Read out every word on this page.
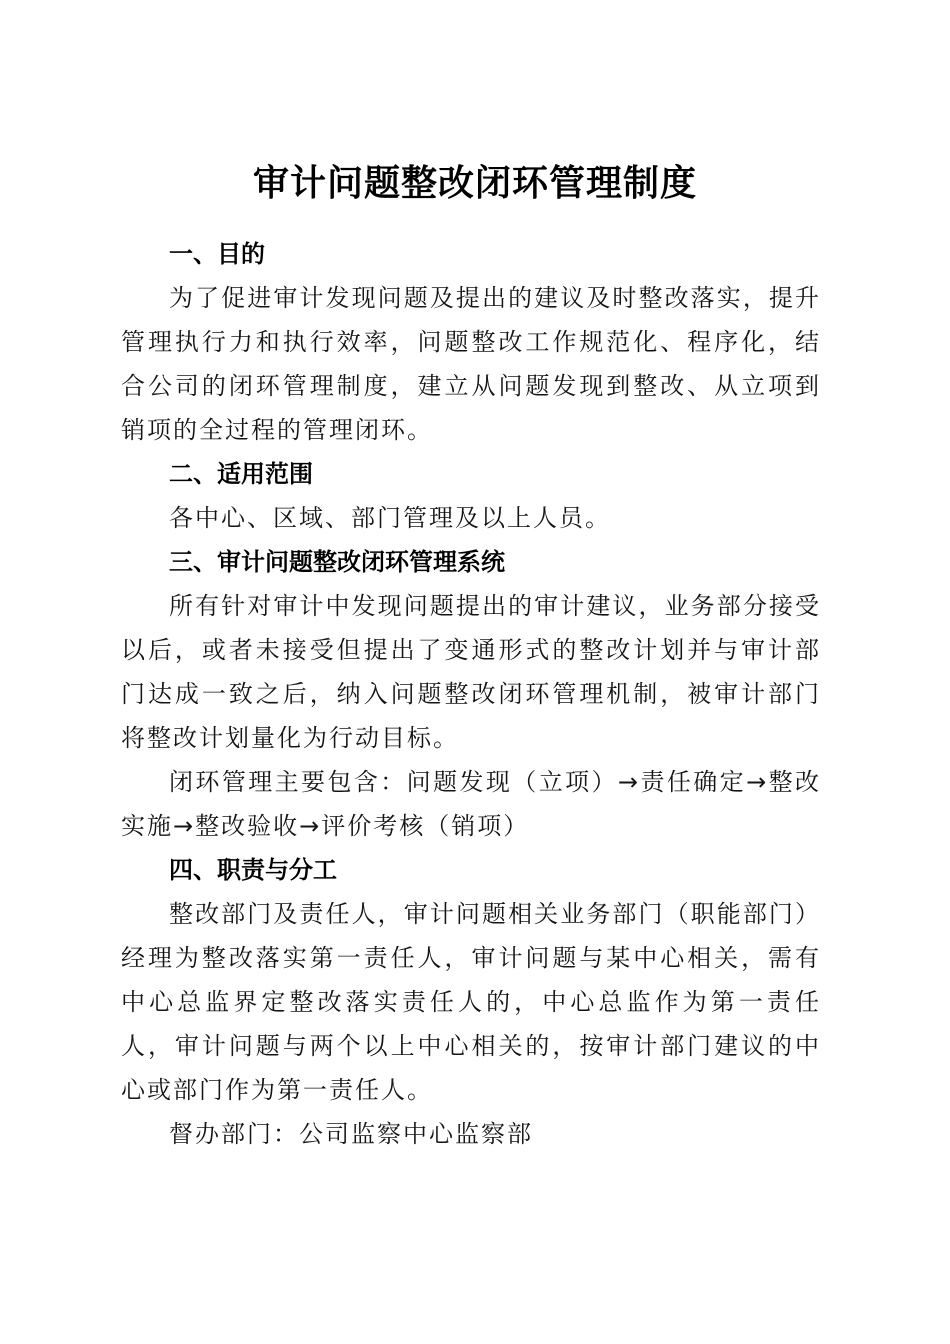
审计问题整改闭环管理制度
一、目的

为了促进审计发现问题及提出的建议及时整改落实，提升管理执行力和执行效率，问题整改工作规范化、程序化，结合公司的闭环管理制度，建立从问题发现到整改、从立项到销项的全过程的管理闭环。

二、适用范围

各中心、区域、部门管理及以上人员。

三、审计问题整改闭环管理系统

所有针对审计中发现问题提出的审计建议，业务部分接受以后，或者未接受但提出了变通形式的整改计划并与审计部门达成一致之后，纳入问题整改闭环管理机制，被审计部门将整改计划量化为行动目标。

闭环管理主要包含：问题发现（立项）→责任确定→整改实施→整改验收→评价考核（销项）

四、职责与分工

整改部门及责任人，审计问题相关业务部门（职能部门）经理为整改落实第一责任人，审计问题与某中心相关，需有中心总监界定整改落实责任人的，中心总监作为第一责任人，审计问题与两个以上中心相关的，按审计部门建议的中心或部门作为第一责任人。

督办部门：公司监察中心监察部
